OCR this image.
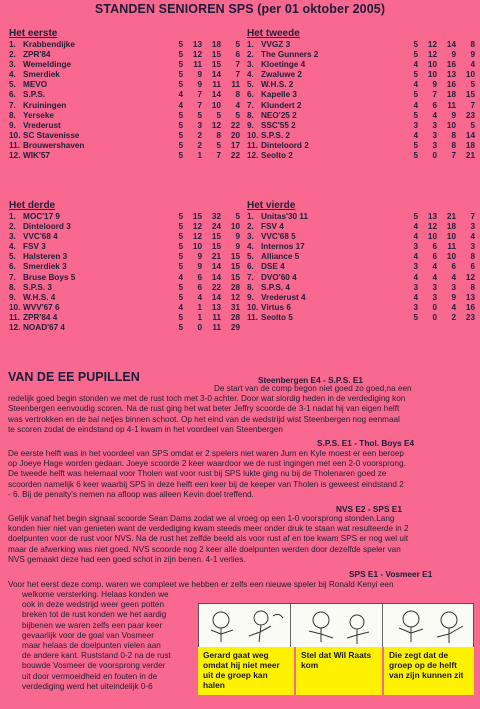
STANDEN SENIOREN SPS (per 01 oktober 2005)
Het eerste
1. Krabbendijke	5	13	18	5
2. ZPR'84	5	12	15	6
3. Wemeldinge	5	11	15	7
4. Smerdiek	5	9	14	7
5. MEVO	5	9	11	11
6. S.P.S.	4	7	14	8
7. Kruiningen	4	7	10	4
8. Yerseke	5	5	5	5
9. Vrederust	5	3	12	22
10. SC Stavenisse	5	2	8	20
11. Brouwershaven	5	2	5	17
12. WIK'57	5	1	7	22
Het tweede
1. VVGZ 3	5	12	14	8
2. The Gunners 2	5	12	9	9
3. Kloetinge 4	4	10	16	4
4. Zwaluwe 2	5	10	13	10
5. W.H.S. 2	4	9	16	5
6. Kapelle 3	5	7	18	15
7. Klundert 2	4	6	11	7
8. NEO'25 2	5	4	9	23
9. SSC'55 2	3	3	10	5
10. S.P.S. 2	4	3	8	14
11. Dinteloord 2	5	3	8	18
12. Seolto 2	5	0	7	21
Het derde
1. MOC'17 9	5	15	32	5
2. Dinteloord 3	5	12	24	10
3. VVC'68 4	5	12	15	9
4. FSV 3	5	10	15	9
5. Halsteren 3	5	9	21	15
6. Smerdiek 3	5	9	14	15
7. Bruse Boys 5	4	6	14	15
8. S.P.S. 3	5	6	22	28
9. W.H.S. 4	5	4	14	12
10. WVV'67 6	4	1	13	31
11. ZPR'84 4	5	1	11	28
12. NOAD'67 4	5	0	11	29
Het vierde
1. Unitas'30 11	5	13	21	7
2. FSV 4	4	12	18	3
3. VVC'68 5	4	10	10	4
4. Internos 17	3	6	11	3
5. Alliance 5	4	6	10	8
6. DSE 4	3	4	6	6
7. DVO'60 4	4	4	4	12
8. S.P.S. 4	3	3	3	8
9. Vrederust 4	4	3	9	13
10. Virtus 6	3	0	4	16
11. Seolto 5	5	0	2	23
VAN DE EE PUPILLEN	Steenbergen E4 - S.P.S. E1
De start van de comp begon niet goed zo goed,na een
redelijk goed begin stonden we met de rust toch met 3-0 achter. Door wat slordig heden in de verdediging kon
Steenbergen eenvoudig scoren. Na de rust ging het wat beter Jeffry scoorde de 3-1 nadat hij van eigen helft
was vertrokken en de bal netjes binnen schoot. Op het eind van de wedstrijd wist Steenbergen nog eenmaal
te scoren zodat de eindstand op 4-1 kwam in het voordeel van Steenbergen
S.P.S. E1 - Thol. Boys E4
De eerste helft was in het voordeel van SPS omdat er 2 spelers niet waren Jurn en Kyle moest er een beroep
op Joeye Hage worden gedaan. Joeye scoorde 2 keer waardoor we de rust ingingen met een 2-0 voorsprong.
De tweede helft was helemaal voor Tholen wat voor rust bij SPS lukte ging nu bij de Tholenaren goed ze
scoorden namelijk 6 keer waarbij SPS in deze helft een keer bij de keeper van Tholen is geweest eindstand 2
- 6. Bij de penalty's nemen na afloop was alleen Kevin doel treffend.
NVS E2 - SPS E1
Gelijk vanaf het begin signaal scoorde Sean Dams zodat we al vroeg op een 1-0 voorsprong stonden.Lang
konden hier niet van genieten want de verdediging kwam steeds meer onder druk te staan wat resulteerde in 2
doelpunten voor de rust voor NVS. Na de rust het zelfde beeld als voor rust af en toe kwam SPS er nog wel uit
maar de afwerking was niet goed. NVS scoorde nog 2 keer alle doelpunten werden door dezelfde speler van
NVS gemaakt deze had een goed schot in zijn benen. 4-1 verlies.
SPS E1 - Vosmeer E1
Voor het eerst deze comp. waren we compleet we hebben er zelfs een nieuwe speler bij Ronald Kenyi een
welkome versterking. Helaas konden we
ook in deze wedstrijd weer geen potten
breken tot de rust konden we het aardig
bijbenen we waren zelfs een paar keer
gevaarlijk voor de goal van Vosmeer
maar helaas de doelpunten vielen aan
de andere kant. Ruststand 0-2 na de rust
bouwde Vosmeer de voorsprong verder
uit door vermoeidheid en fouten in de
verdediging werd het uiteindelijk 0-6
Gerard gaat weg omdat hij niet meer uit de groep kan halen
Stel dat Wil Raats kom
Die zegt dat de groep op de helft van zijn kunnen zit
